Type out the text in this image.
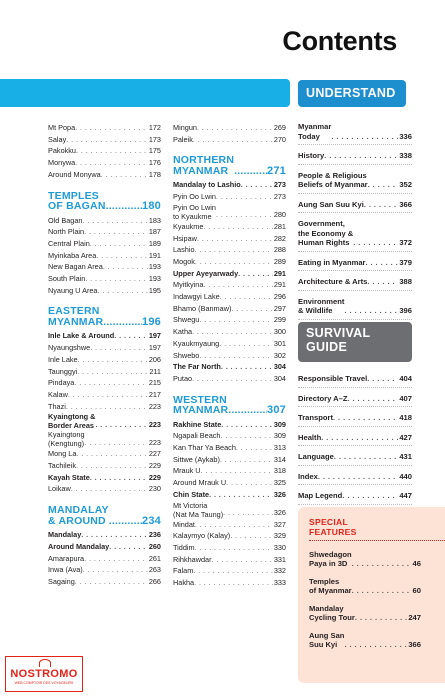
Contents
UNDERSTAND
SURVIVAL
GUIDE
Mt Popa . . .	172
Salay . . .	173
Pakokku . . .	175
Monywa . . .	176
Around Monywa . . .	178
TEMPLES
OF BAGAN .....	180
Old Bagan . . .	183
North Plain . . .	187
Central Plain . . .	189
Myinkaba Area . . .	191
New Bagan Area . . .	193
South Plain . . .	193
Nyaung U Area . . .	195
EASTERN
MYANMAR .....	196
Inle Lake & Around . . .	197
Nyaungshwe . . .	197
Inle Lake . . .	206
Taunggyi . . .	211
Pindaya . . .	215
Kalaw . . .	217
Thazi . . .	223
Kyaingtong &
Border Areas . . .	223
Kyaingtong
(Kengtung) . . .	223
Mong La . . .	227
Tachileik . . .	229
Kayah State . . .	229
Loikaw . . .	230
MANDALAY
& AROUND .....	234
Mandalay . . .	236
Around Mandalay . . .	260
Amarapura . . .	261
Inwa (Ava) . . .	263
Sagaing . . .	266
Mingun . . .	269
Paleik . . .	270
NORTHERN
MYANMAR .....	271
Mandalay to Lashio . . .	273
Pyin Oo Lwin . . .	273
Pyin Oo Lwin
to Kyaukme . . .	280
Kyaukme . . .	281
Hsipaw . . .	282
Lashio . . .	288
Mogok . . .	289
Upper Ayeyarwady . . .	291
Myitkyina . . .	291
Indawgyi Lake . . .	296
Bhamo (Banmaw) . . .	297
Shwegu . . .	299
Katha . . .	300
Kyaukmyaung . . .	301
Shwebo . . .	302
The Far North . . .	304
Putao . . .	304
WESTERN
MYANMAR .....	307
Rakhine State . . .	309
Ngapali Beach . . .	309
Kan Thar Ya Beach . . .	313
Sittwe (Aykab) . . .	314
Mrauk U . . .	318
Around Mrauk U . . .	325
Chin State . . .	326
Mt Victoria
(Nat Ma Taung) . . .	326
Mindat . . .	327
Kalaymyo (Kalay) . . .	329
Tiddim . . .	330
Rihkhawdar . . .	331
Falam . . .	332
Hakha . . .	333
Myanmar
Today . . .	336
History . . .	338
People & Religious
Beliefs of Myanmar . . .	352
Aung San Suu Kyi . . .	366
Government,
the Economy &
Human Rights . . .	372
Eating in Myanmar . . .	379
Architecture & Arts . . .	388
Environment
& Wildlife . . .	396
Responsible Travel . . .	404
Directory A–Z . . .	407
Transport . . .	418
Health . . .	427
Language . . .	431
Index . . .	440
Map Legend . . .	447
SPECIAL
FEATURES
Shwedagon
Paya in 3D . . .	46
Temples
of Myanmar . . .	60
Mandalay
Cycling Tour . . .	247
Aung San
Suu Kyi . . .	366
NOSTROMO
WEB COMPTOIR DES VOYAGEURS
